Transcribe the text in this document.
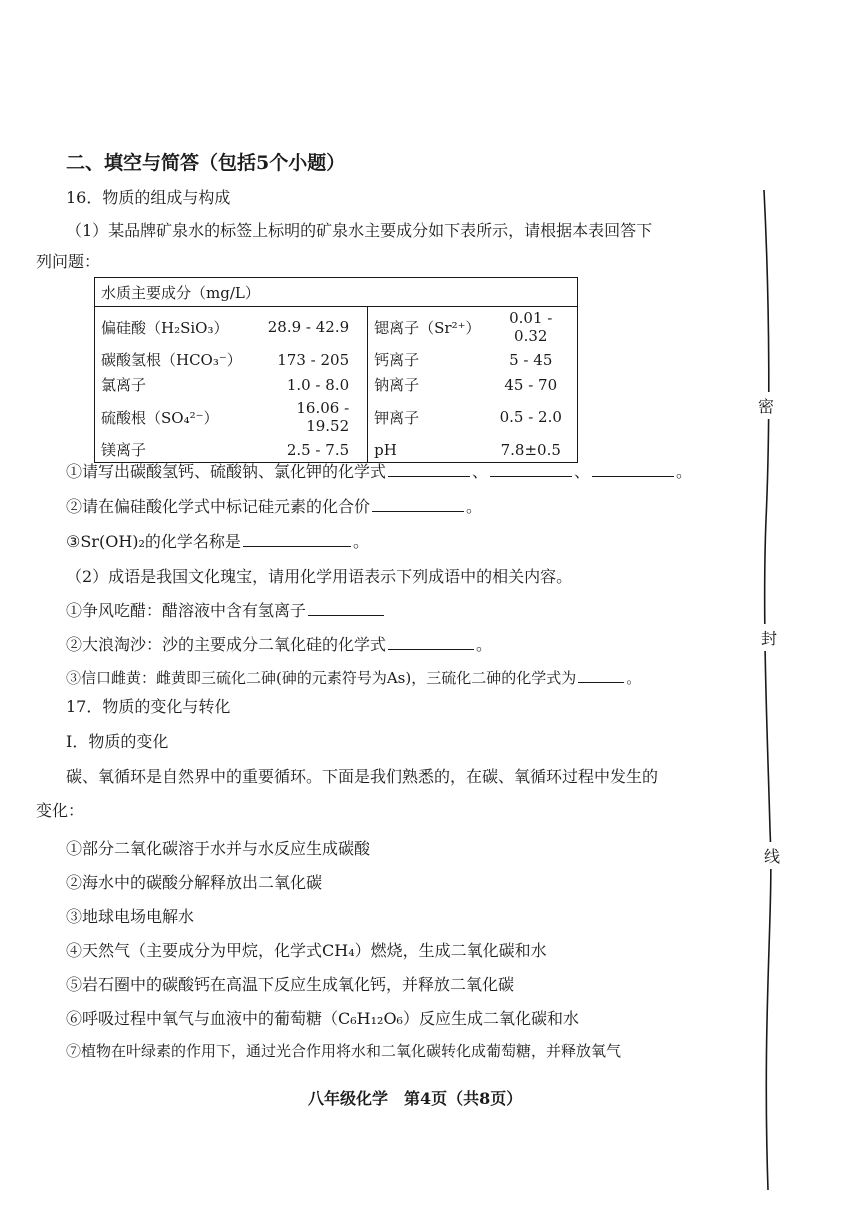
二、填空与简答（包括5个小题）
16．物质的组成与构成
（1）某品牌矿泉水的标签上标明的矿泉水主要成分如下表所示，请根据本表回答下
列问题：
水质主要成分（mg/L）			
偏硅酸（H₂SiO₃）	28.9 - 42.9	锶离子（Sr²⁺）	0.01 - 0.32
碳酸氢根（HCO₃⁻）	173 - 205	钙离子	5 - 45
氯离子	1.0 - 8.0	钠离子	45 - 70
硫酸根（SO₄²⁻）	16.06 - 19.52	钾离子	0.5 - 2.0
镁离子	2.5 - 7.5	pH	7.8±0.5
①请写出碳酸氢钙、硫酸钠、氯化钾的化学式	、	、	。
②请在偏硅酸化学式中标记硅元素的化合价	。
③Sr(OH)₂的化学名称是	。
（2）成语是我国文化瑰宝，请用化学用语表示下列成语中的相关内容。
①争风吃醋：醋溶液中含有氢离子
②大浪淘沙：沙的主要成分二氧化硅的化学式	。
③信口雌黄：雌黄即三硫化二砷(砷的元素符号为As)，三硫化二砷的化学式为	。
17．物质的变化与转化
I．物质的变化
碳、氧循环是自然界中的重要循环。下面是我们熟悉的，在碳、氧循环过程中发生的
变化：
①部分二氧化碳溶于水并与水反应生成碳酸
②海水中的碳酸分解释放出二氧化碳
③地球电场电解水
④天然气（主要成分为甲烷，化学式CH₄）燃烧，生成二氧化碳和水
⑤岩石圈中的碳酸钙在高温下反应生成氧化钙，并释放二氧化碳
⑥呼吸过程中氧气与血液中的葡萄糖（C₆H₁₂O₆）反应生成二氧化碳和水
⑦植物在叶绿素的作用下，通过光合作用将水和二氧化碳转化成葡萄糖，并释放氧气
密
封
线
八年级化学　第4页（共8页）
